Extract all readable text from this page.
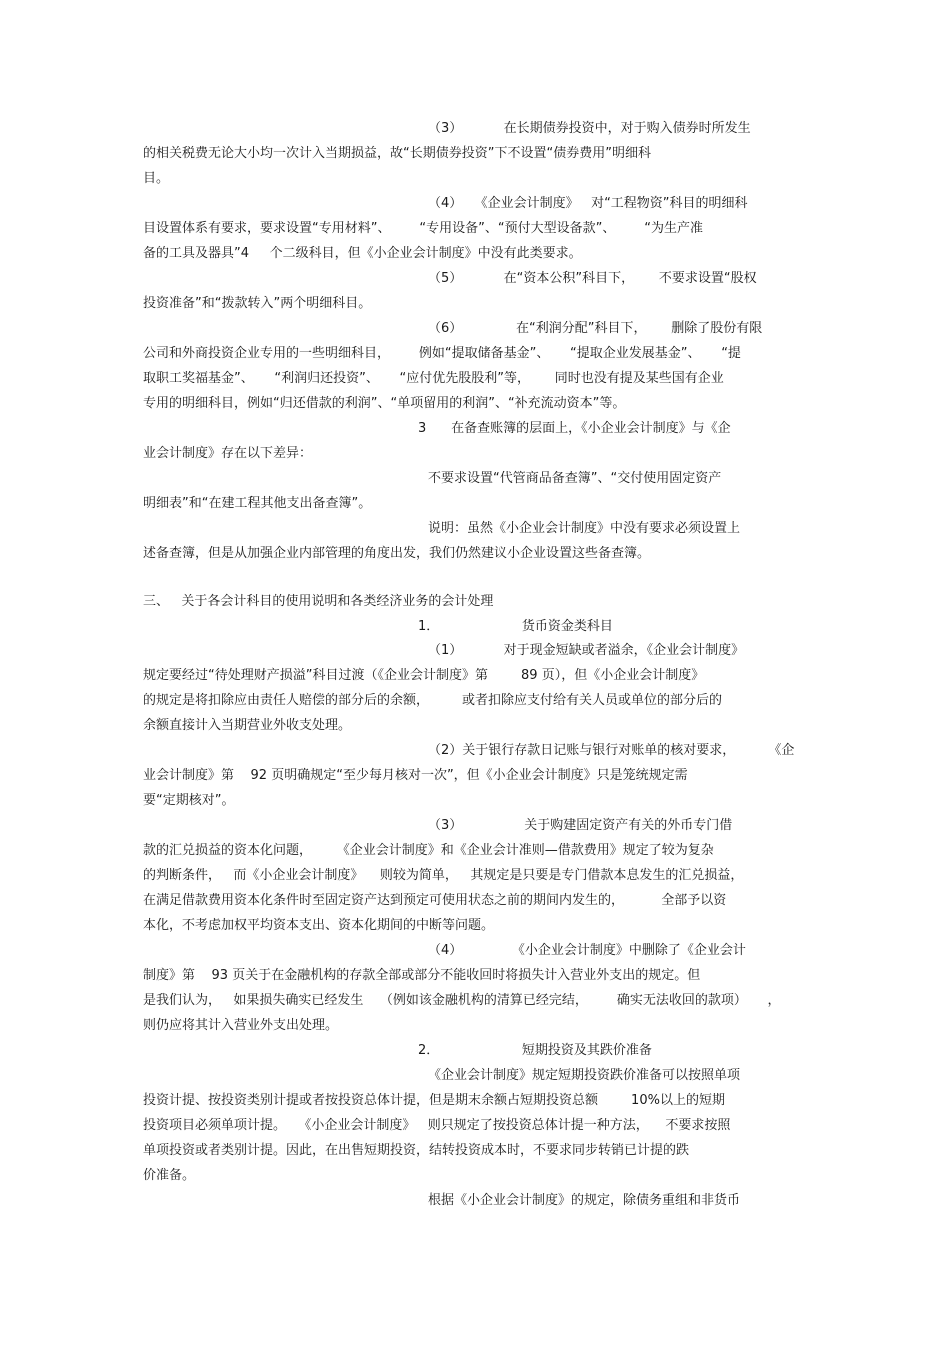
（3）          在长期债券投资中，对于购入债券时所发生

的相关税费无论大小均一次计入当期损益，故“长期债券投资”下不设置“债券费用”明细科

目。

（4）   《企业会计制度》   对“工程物资”科目的明细科

目设置体系有要求，要求设置“专用材料”、       “专用设备”、“预付大型设备款”、       “为生产准

备的工具及器具”4     个二级科目，但《小企业会计制度》中没有此类要求。

（5）          在“资本公积”科目下，      不要求设置“股权

投资准备”和“拨款转入”两个明细科目。

（6）             在“利润分配”科目下，      删除了股份有限

公司和外商投资企业专用的一些明细科目，       例如“提取储备基金”、     “提取企业发展基金”、     “提

取职工奖福基金”、     “利润归还投资”、     “应付优先股股利”等，      同时也没有提及某些国有企业

专用的明细科目，例如“归还借款的利润”、“单项留用的利润”、“补充流动资本”等。

3      在备查账簿的层面上，《小企业会计制度》与《企

业会计制度》存在以下差异：

不要求设置“代管商品备查簿”、“交付使用固定资产

明细表”和“在建工程其他支出备查簿”。

说明：虽然《小企业会计制度》中没有要求必须设置上

述备查簿，但是从加强企业内部管理的角度出发，我们仍然建议小企业设置这些备查簿。

三、   关于各会计科目的使用说明和各类经济业务的会计处理

1．                    货币资金类科目

（1）          对于现金短缺或者溢余，《企业会计制度》

规定要经过“待处理财产损溢”科目过渡（《企业会计制度》第        89 页），但《小企业会计制度》

的规定是将扣除应由责任人赔偿的部分后的余额，        或者扣除应支付给有关人员或单位的部分后的

余额直接计入当期营业外收支处理。

（2）关于银行存款日记账与银行对账单的核对要求，        《企

业会计制度》第    92 页明确规定“至少每月核对一次”，但《小企业会计制度》只是笼统规定需

要“定期核对”。

（3）               关于购建固定资产有关的外币专门借

款的汇兑损益的资本化问题，      《企业会计制度》和《企业会计准则—借款费用》规定了较为复杂

的判断条件，   而《小企业会计制度》    则较为简单，   其规定是只要是专门借款本息发生的汇兑损益，

在满足借款费用资本化条件时至固定资产达到预定可使用状态之前的期间内发生的，         全部予以资

本化，不考虑加权平均资本支出、资本化期间的中断等问题。

（4）            《小企业会计制度》中删除了《企业会计

制度》第    93 页关于在金融机构的存款全部或部分不能收回时将损失计入营业外支出的规定。但

是我们认为，   如果损失确实已经发生    （例如该金融机构的清算已经完结，       确实无法收回的款项）     ，

则仍应将其计入营业外支出处理。

2．                    短期投资及其跌价准备

《企业会计制度》规定短期投资跌价准备可以按照单项

投资计提、按投资类别计提或者按投资总体计提，但是期末余额占短期投资总额        10%以上的短期

投资项目必须单项计提。   《小企业会计制度》   则只规定了按投资总体计提一种方法，    不要求按照

单项投资或者类别计提。因此，在出售短期投资，结转投资成本时，不要求同步转销已计提的跌

价准备。

根据《小企业会计制度》的规定，除债务重组和非货币
